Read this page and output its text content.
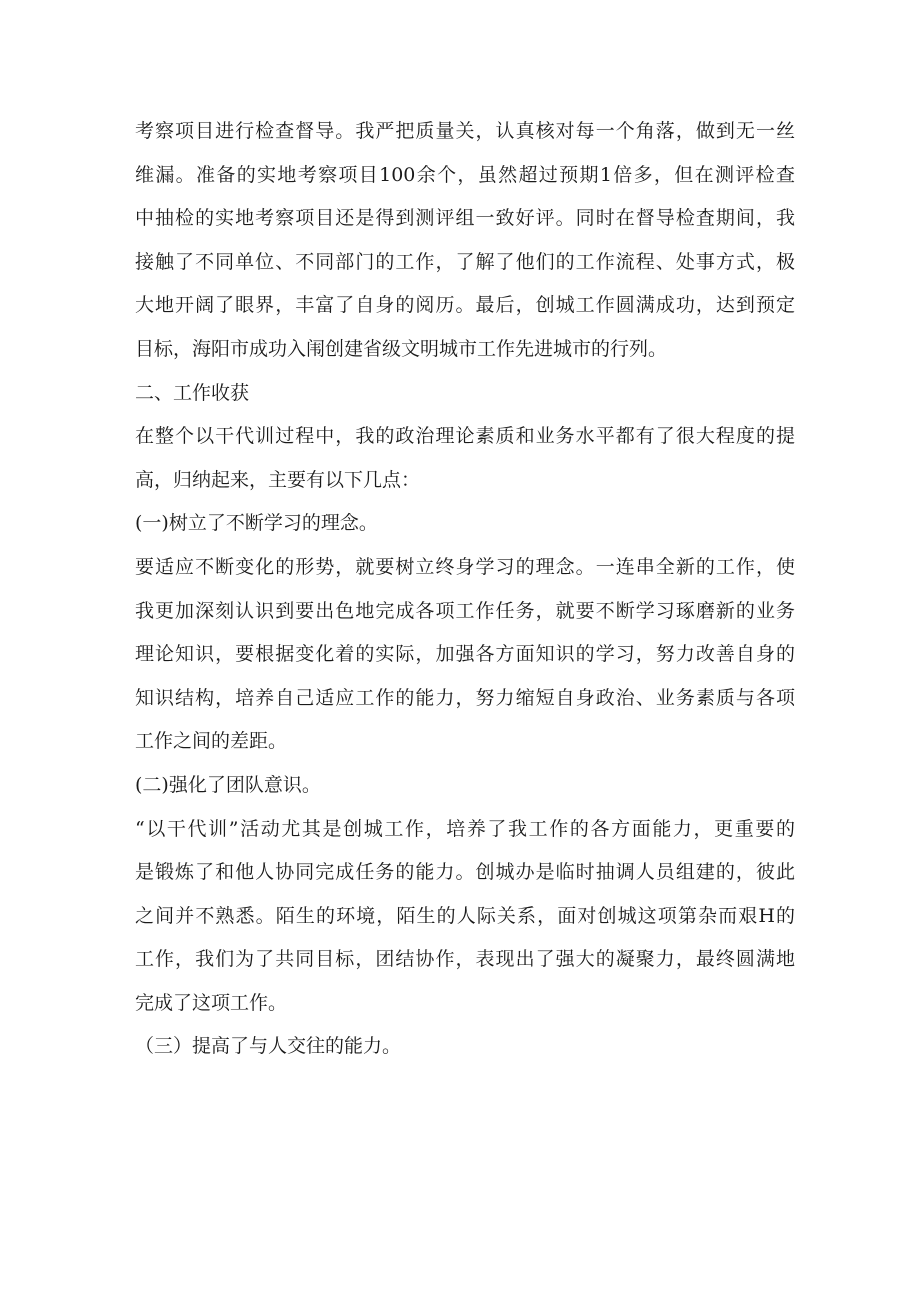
考察项目进行检查督导。我严把质量关，认真核对每一个角落，做到无一丝
维漏。准备的实地考察项目100余个，虽然超过预期1倍多，但在测评检查
中抽检的实地考察项目还是得到测评组一致好评。同时在督导检査期间，我
接触了不同单位、不同部门的工作，了解了他们的工作流程、处事方式，极
大地开阔了眼界，丰富了自身的阅历。最后，创城工作圆满成功，达到预定
目标，海阳市成功入闱创建省级文明城市工作先进城市的行列。
二、工作收获
在整个以干代训过程中，我的政治理论素质和业务水平都有了很大程度的提
高，归纳起来，主要有以下几点：
(一)树立了不断学习的理念。
要适应不断变化的形势，就要树立终身学习的理念。一连串全新的工作，使
我更加深刻认识到要出色地完成各项工作任务，就要不断学习琢磨新的业务
理论知识，要根据变化着的实际，加强各方面知识的学习，努力改善自身的
知识结构，培养自己适应工作的能力，努力缩短自身政治、业务素质与各项
工作之间的差距。
(二)强化了团队意识。
“以干代训”活动尤其是创城工作，培养了我工作的各方面能力，更重要的
是锻炼了和他人协同完成任务的能力。创城办是临时抽调人员组建的，彼此
之间并不熟悉。陌生的环境，陌生的人际关系，面对创城这项第杂而艰H的
工作，我们为了共同目标，团结协作，表现出了强大的凝聚力，最终圆满地
完成了这项工作。
（三）提高了与人交往的能力。
